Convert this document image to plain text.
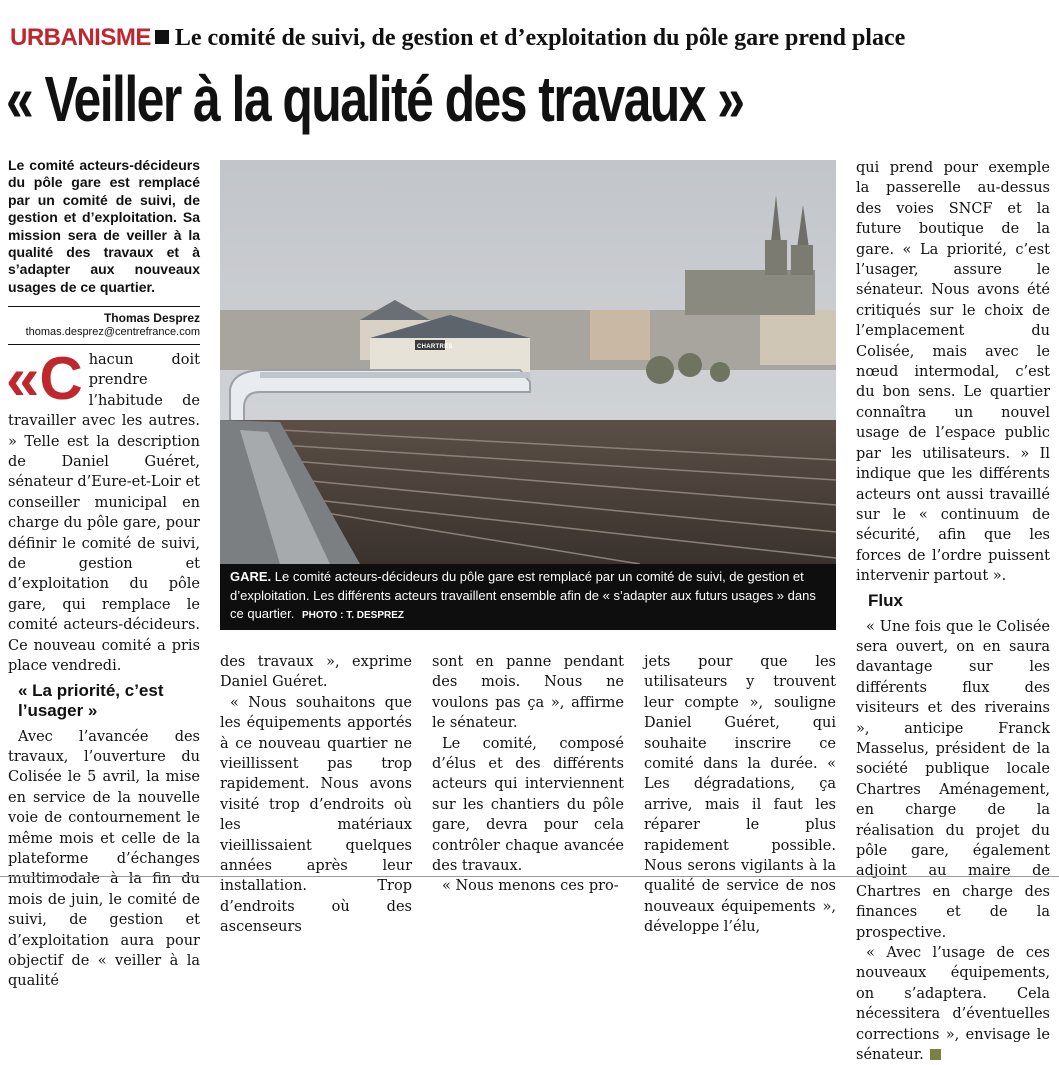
URBANISME Le comité de suivi, de gestion et d’exploitation du pôle gare prend place
« Veiller à la qualité des travaux »
Le comité acteurs-décideurs du pôle gare est remplacé par un comité de suivi, de gestion et d’exploitation. Sa mission sera de veiller à la qualité des travaux et à s’adapter aux nouveaux usages de ce quartier.
Thomas Desprez
thomas.desprez@centrefrance.com

«Chacun doit prendre l’habitude de travailler avec les autres. » Telle est la description de Daniel Guéret, sénateur d’Eure-et-Loir et conseiller municipal en charge du pôle gare, pour définir le comité de suivi, de gestion et d’exploitation du pôle gare, qui remplace le comité acteurs-décideurs. Ce nouveau comité a pris place vendredi.

« La priorité, c’est l’usager »

Avec l’avancée des travaux, l’ouverture du Colisée le 5 avril, la mise en service de la nouvelle voie de contournement le même mois et celle de la plateforme d’échanges multimodale à la fin du mois de juin, le comité de suivi, de gestion et d’exploitation aura pour objectif de « veiller à la qualité

CHARTRES
GARE. Le comité acteurs-décideurs du pôle gare est remplacé par un comité de suivi, de gestion et d’exploitation. Les différents acteurs travaillent ensemble afin de « s’adapter aux futurs usages » dans ce quartier. PHOTO : T. DESPREZ

des travaux », exprime Daniel Guéret.

« Nous souhaitons que les équipements apportés à ce nouveau quartier ne vieillissent pas trop rapidement. Nous avons visité trop d’endroits où les matériaux vieillissaient quelques années après leur installation. Trop d’endroits où des ascenseurs

sont en panne pendant des mois. Nous ne voulons pas ça », affirme le sénateur.

Le comité, composé d’élus et des différents acteurs qui interviennent sur les chantiers du pôle gare, devra pour cela contrôler chaque avancée des travaux.

« Nous menons ces pro-

jets pour que les utilisateurs y trouvent leur compte », souligne Daniel Guéret, qui souhaite inscrire ce comité dans la durée. « Les dégradations, ça arrive, mais il faut les réparer le plus rapidement possible. Nous serons vigilants à la qualité de service de nos nouveaux équipements », développe l’élu,

qui prend pour exemple la passerelle au-dessus des voies SNCF et la future boutique de la gare. « La priorité, c’est l’usager, assure le sénateur. Nous avons été critiqués sur le choix de l’emplacement du Colisée, mais avec le nœud intermodal, c’est du bon sens. Le quartier connaîtra un nouvel usage de l’espace public par les utilisateurs. » Il indique que les différents acteurs ont aussi travaillé sur le « continuum de sécurité, afin que les forces de l’ordre puissent intervenir partout ».

Flux

« Une fois que le Colisée sera ouvert, on en saura davantage sur les différents flux des visiteurs et des riverains », anticipe Franck Masselus, président de la société publique locale Chartres Aménagement, en charge de la réalisation du projet du pôle gare, également adjoint au maire de Chartres en charge des finances et de la prospective.

« Avec l’usage de ces nouveaux équipements, on s’adaptera. Cela nécessitera d’éventuelles corrections », envisage le sénateur.
